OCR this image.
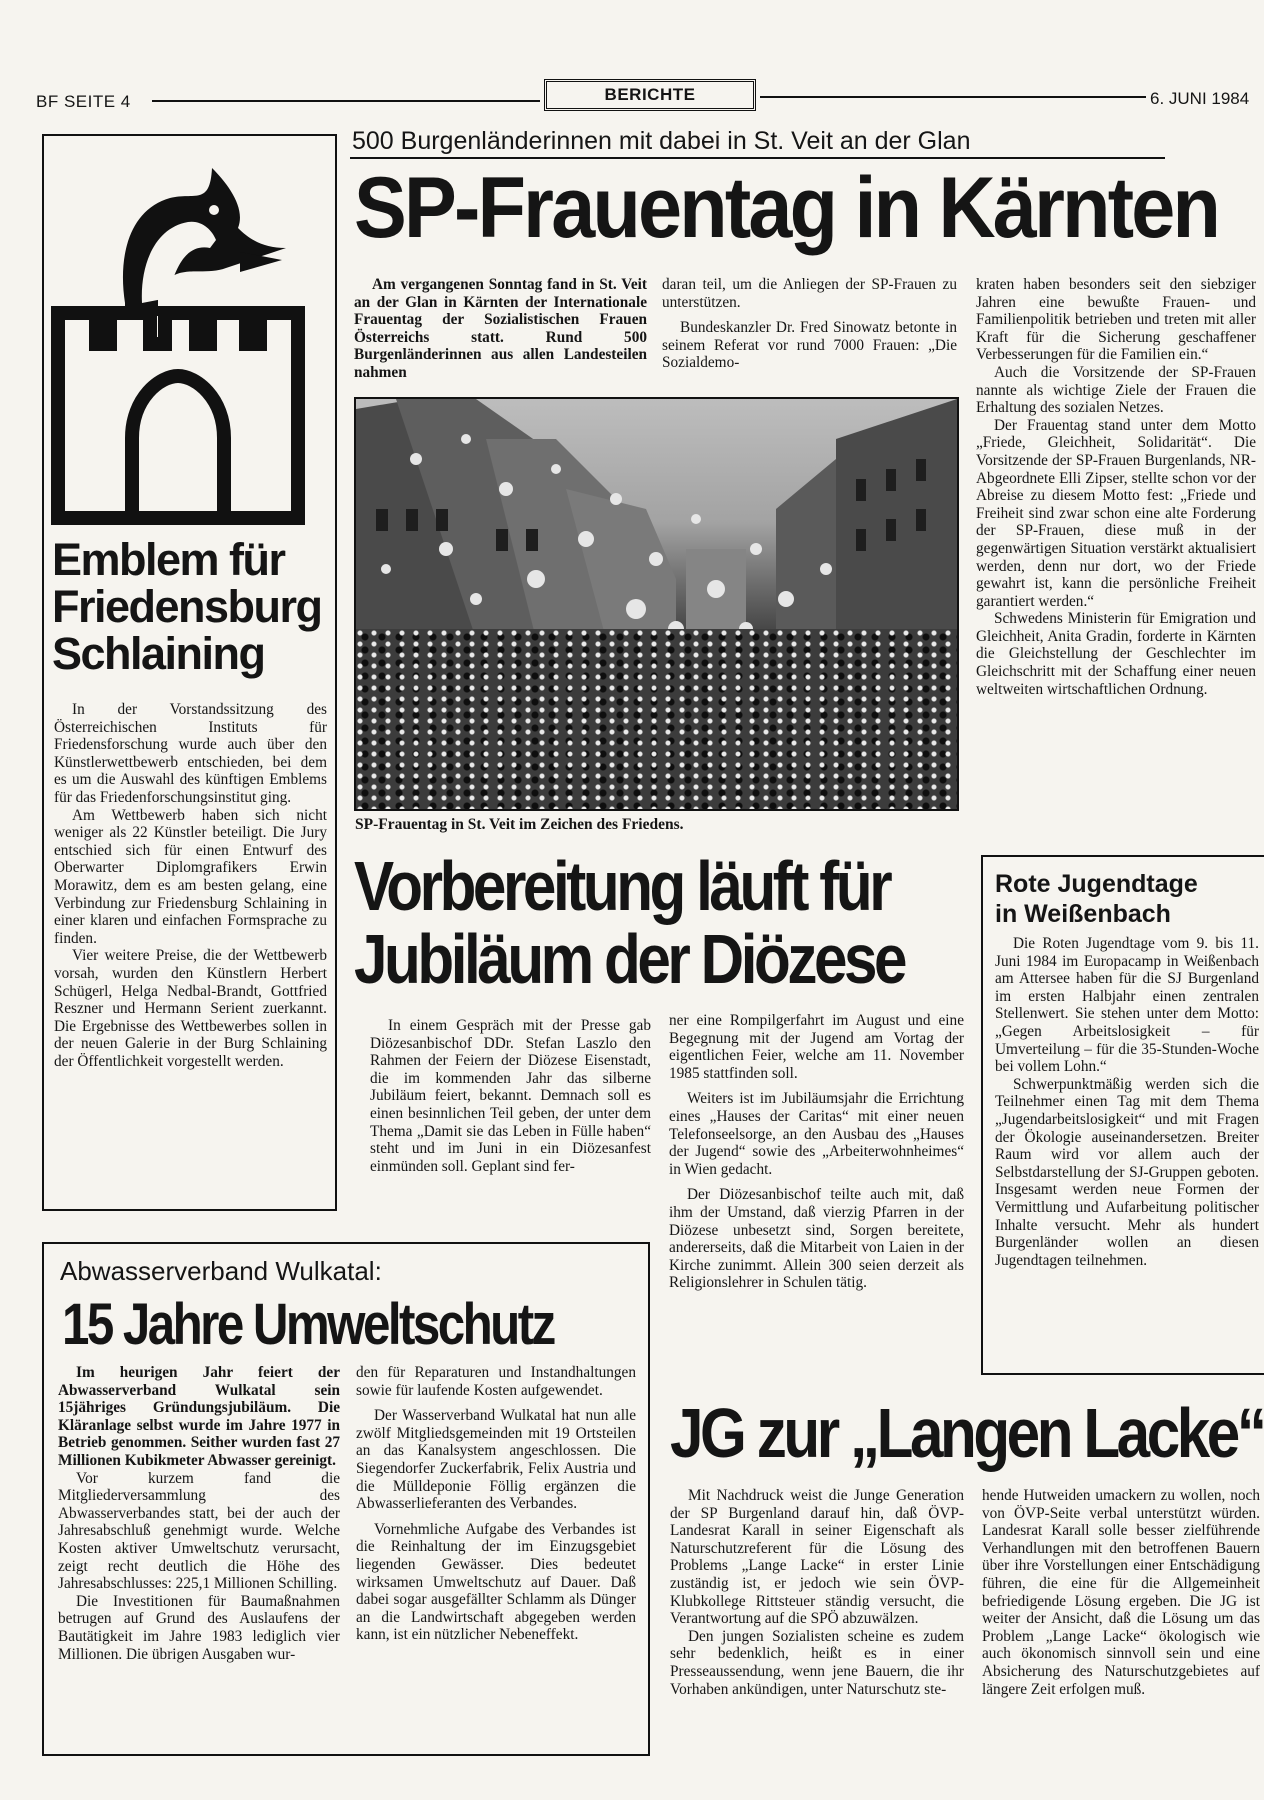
BF SEITE 4	BERICHTE	6. JUNI 1984
Emblem für
Friedensburg
Schlaining

In der Vorstandssitzung des Österreichischen Instituts für Friedensforschung wurde auch über den Künstlerwettbewerb entschieden, bei dem es um die Auswahl des künftigen Emblems für das Friedenforschungsinstitut ging.

Am Wettbewerb haben sich nicht weniger als 22 Künstler beteiligt. Die Jury entschied sich für einen Entwurf des Oberwarter Diplomgrafikers Erwin Morawitz, dem es am besten gelang, eine Verbindung zur Friedensburg Schlaining in einer klaren und einfachen Formsprache zu finden.

Vier weitere Preise, die der Wettbewerb vorsah, wurden den Künstlern Herbert Schügerl, Helga Nedbal-Brandt, Gottfried Reszner und Hermann Serient zuerkannt. Die Ergebnisse des Wettbewerbes sollen in der neuen Galerie in der Burg Schlaining der Öffentlichkeit vorgestellt werden.

500 Burgenländerinnen mit dabei in St. Veit an der Glan
SP-Frauentag in Kärnten

Am vergangenen Sonntag fand in St. Veit an der Glan in Kärnten der Internationale Frauentag der Sozialistischen Frauen Österreichs statt. Rund 500 Burgenländerinnen aus allen Landesteilen nahmen

daran teil, um die Anliegen der SP-Frauen zu unterstützen.

Bundeskanzler Dr. Fred Sinowatz betonte in seinem Referat vor rund 7000 Frauen: „Die Sozialdemo-

kraten haben besonders seit den siebziger Jahren eine bewußte Frauen- und Familienpolitik betrieben und treten mit aller Kraft für die Sicherung geschaffener Verbesserungen für die Familien ein.“

Auch die Vorsitzende der SP-Frauen nannte als wichtige Ziele der Frauen die Erhaltung des sozialen Netzes.

Der Frauentag stand unter dem Motto „Friede, Gleichheit, Solidarität“. Die Vorsitzende der SP-Frauen Burgenlands, NR-Abgeordnete Elli Zipser, stellte schon vor der Abreise zu diesem Motto fest: „Friede und Freiheit sind zwar schon eine alte Forderung der SP-Frauen, diese muß in der gegenwärtigen Situation verstärkt aktualisiert werden, denn nur dort, wo der Friede gewahrt ist, kann die persönliche Freiheit garantiert werden.“

Schwedens Ministerin für Emigration und Gleichheit, Anita Gradin, forderte in Kärnten die Gleichstellung der Geschlechter im Gleichschritt mit der Schaffung einer neuen weltweiten wirtschaftlichen Ordnung.

SP-Frauentag in St. Veit im Zeichen des Friedens.
Vorbereitung läuft für
Jubiläum der Diözese

In einem Gespräch mit der Presse gab Diözesanbischof DDr. Stefan Laszlo den Rahmen der Feiern der Diözese Eisenstadt, die im kommenden Jahr das silberne Jubiläum feiert, bekannt. Demnach soll es einen besinnlichen Teil geben, der unter dem Thema „Damit sie das Leben in Fülle haben“ steht und im Juni in ein Diözesanfest einmünden soll. Geplant sind fer-

ner eine Rompilgerfahrt im August und eine Begegnung mit der Jugend am Vortag der eigentlichen Feier, welche am 11. November 1985 stattfinden soll.

Weiters ist im Jubiläumsjahr die Errichtung eines „Hauses der Caritas“ mit einer neuen Telefonseelsorge, an den Ausbau des „Hauses der Jugend“ sowie des „Arbeiterwohnheimes“ in Wien gedacht.

Der Diözesanbischof teilte auch mit, daß ihm der Umstand, daß vierzig Pfarren in der Diözese unbesetzt sind, Sorgen bereitete, andererseits, daß die Mitarbeit von Laien in der Kirche zunimmt. Allein 300 seien derzeit als Religionslehrer in Schulen tätig.

Rote Jugendtage
in Weißenbach

Die Roten Jugendtage vom 9. bis 11. Juni 1984 im Europacamp in Weißenbach am Attersee haben für die SJ Burgenland im ersten Halbjahr einen zentralen Stellenwert. Sie stehen unter dem Motto: „Gegen Arbeitslosigkeit – für Umverteilung – für die 35-Stunden-Woche bei vollem Lohn.“

Schwerpunktmäßig werden sich die Teilnehmer einen Tag mit dem Thema „Jugendarbeitslosigkeit“ und mit Fragen der Ökologie auseinandersetzen. Breiter Raum wird vor allem auch der Selbstdarstellung der SJ-Gruppen geboten. Insgesamt werden neue Formen der Vermittlung und Aufarbeitung politischer Inhalte versucht. Mehr als hundert Burgenländer wollen an diesen Jugendtagen teilnehmen.

Abwasserverband Wulkatal:
15 Jahre Umweltschutz

Im heurigen Jahr feiert der Abwasserverband Wulkatal sein 15jähriges Gründungsjubiläum. Die Kläranlage selbst wurde im Jahre 1977 in Betrieb genommen. Seither wurden fast 27 Millionen Kubikmeter Abwasser gereinigt.

Vor kurzem fand die Mitgliederversammlung des Abwasserverbandes statt, bei der auch der Jahresabschluß genehmigt wurde. Welche Kosten aktiver Umweltschutz verursacht, zeigt recht deutlich die Höhe des Jahresabschlusses: 225,1 Millionen Schilling.

Die Investitionen für Baumaßnahmen betrugen auf Grund des Auslaufens der Bautätigkeit im Jahre 1983 lediglich vier Millionen. Die übrigen Ausgaben wur-

den für Reparaturen und Instandhaltungen sowie für laufende Kosten aufgewendet.

Der Wasserverband Wulkatal hat nun alle zwölf Mitgliedsgemeinden mit 19 Ortsteilen an das Kanalsystem angeschlossen. Die Siegendorfer Zuckerfabrik, Felix Austria und die Mülldeponie Föllig ergänzen die Abwasserlieferanten des Verbandes.

Vornehmliche Aufgabe des Verbandes ist die Reinhaltung der im Einzugsgebiet liegenden Gewässer. Dies bedeutet wirksamen Umweltschutz auf Dauer. Daß dabei sogar ausgefällter Schlamm als Dünger an die Landwirtschaft abgegeben werden kann, ist ein nützlicher Nebeneffekt.

JG zur „Langen Lacke“

Mit Nachdruck weist die Junge Generation der SP Burgenland darauf hin, daß ÖVP-Landesrat Karall in seiner Eigenschaft als Naturschutzreferent für die Lösung des Problems „Lange Lacke“ in erster Linie zuständig ist, er jedoch wie sein ÖVP-Klubkollege Rittsteuer ständig versucht, die Verantwortung auf die SPÖ abzuwälzen.

Den jungen Sozialisten scheine es zudem sehr bedenklich, heißt es in einer Presseaussendung, wenn jene Bauern, die ihr Vorhaben ankündigen, unter Naturschutz ste-

hende Hutweiden umackern zu wollen, noch von ÖVP-Seite verbal unterstützt würden. Landesrat Karall solle besser zielführende Verhandlungen mit den betroffenen Bauern über ihre Vorstellungen einer Entschädigung führen, die eine für die Allgemeinheit befriedigende Lösung ergeben. Die JG ist weiter der Ansicht, daß die Lösung um das Problem „Lange Lacke“ ökologisch wie auch ökonomisch sinnvoll sein und eine Absicherung des Naturschutzgebietes auf längere Zeit erfolgen muß.
